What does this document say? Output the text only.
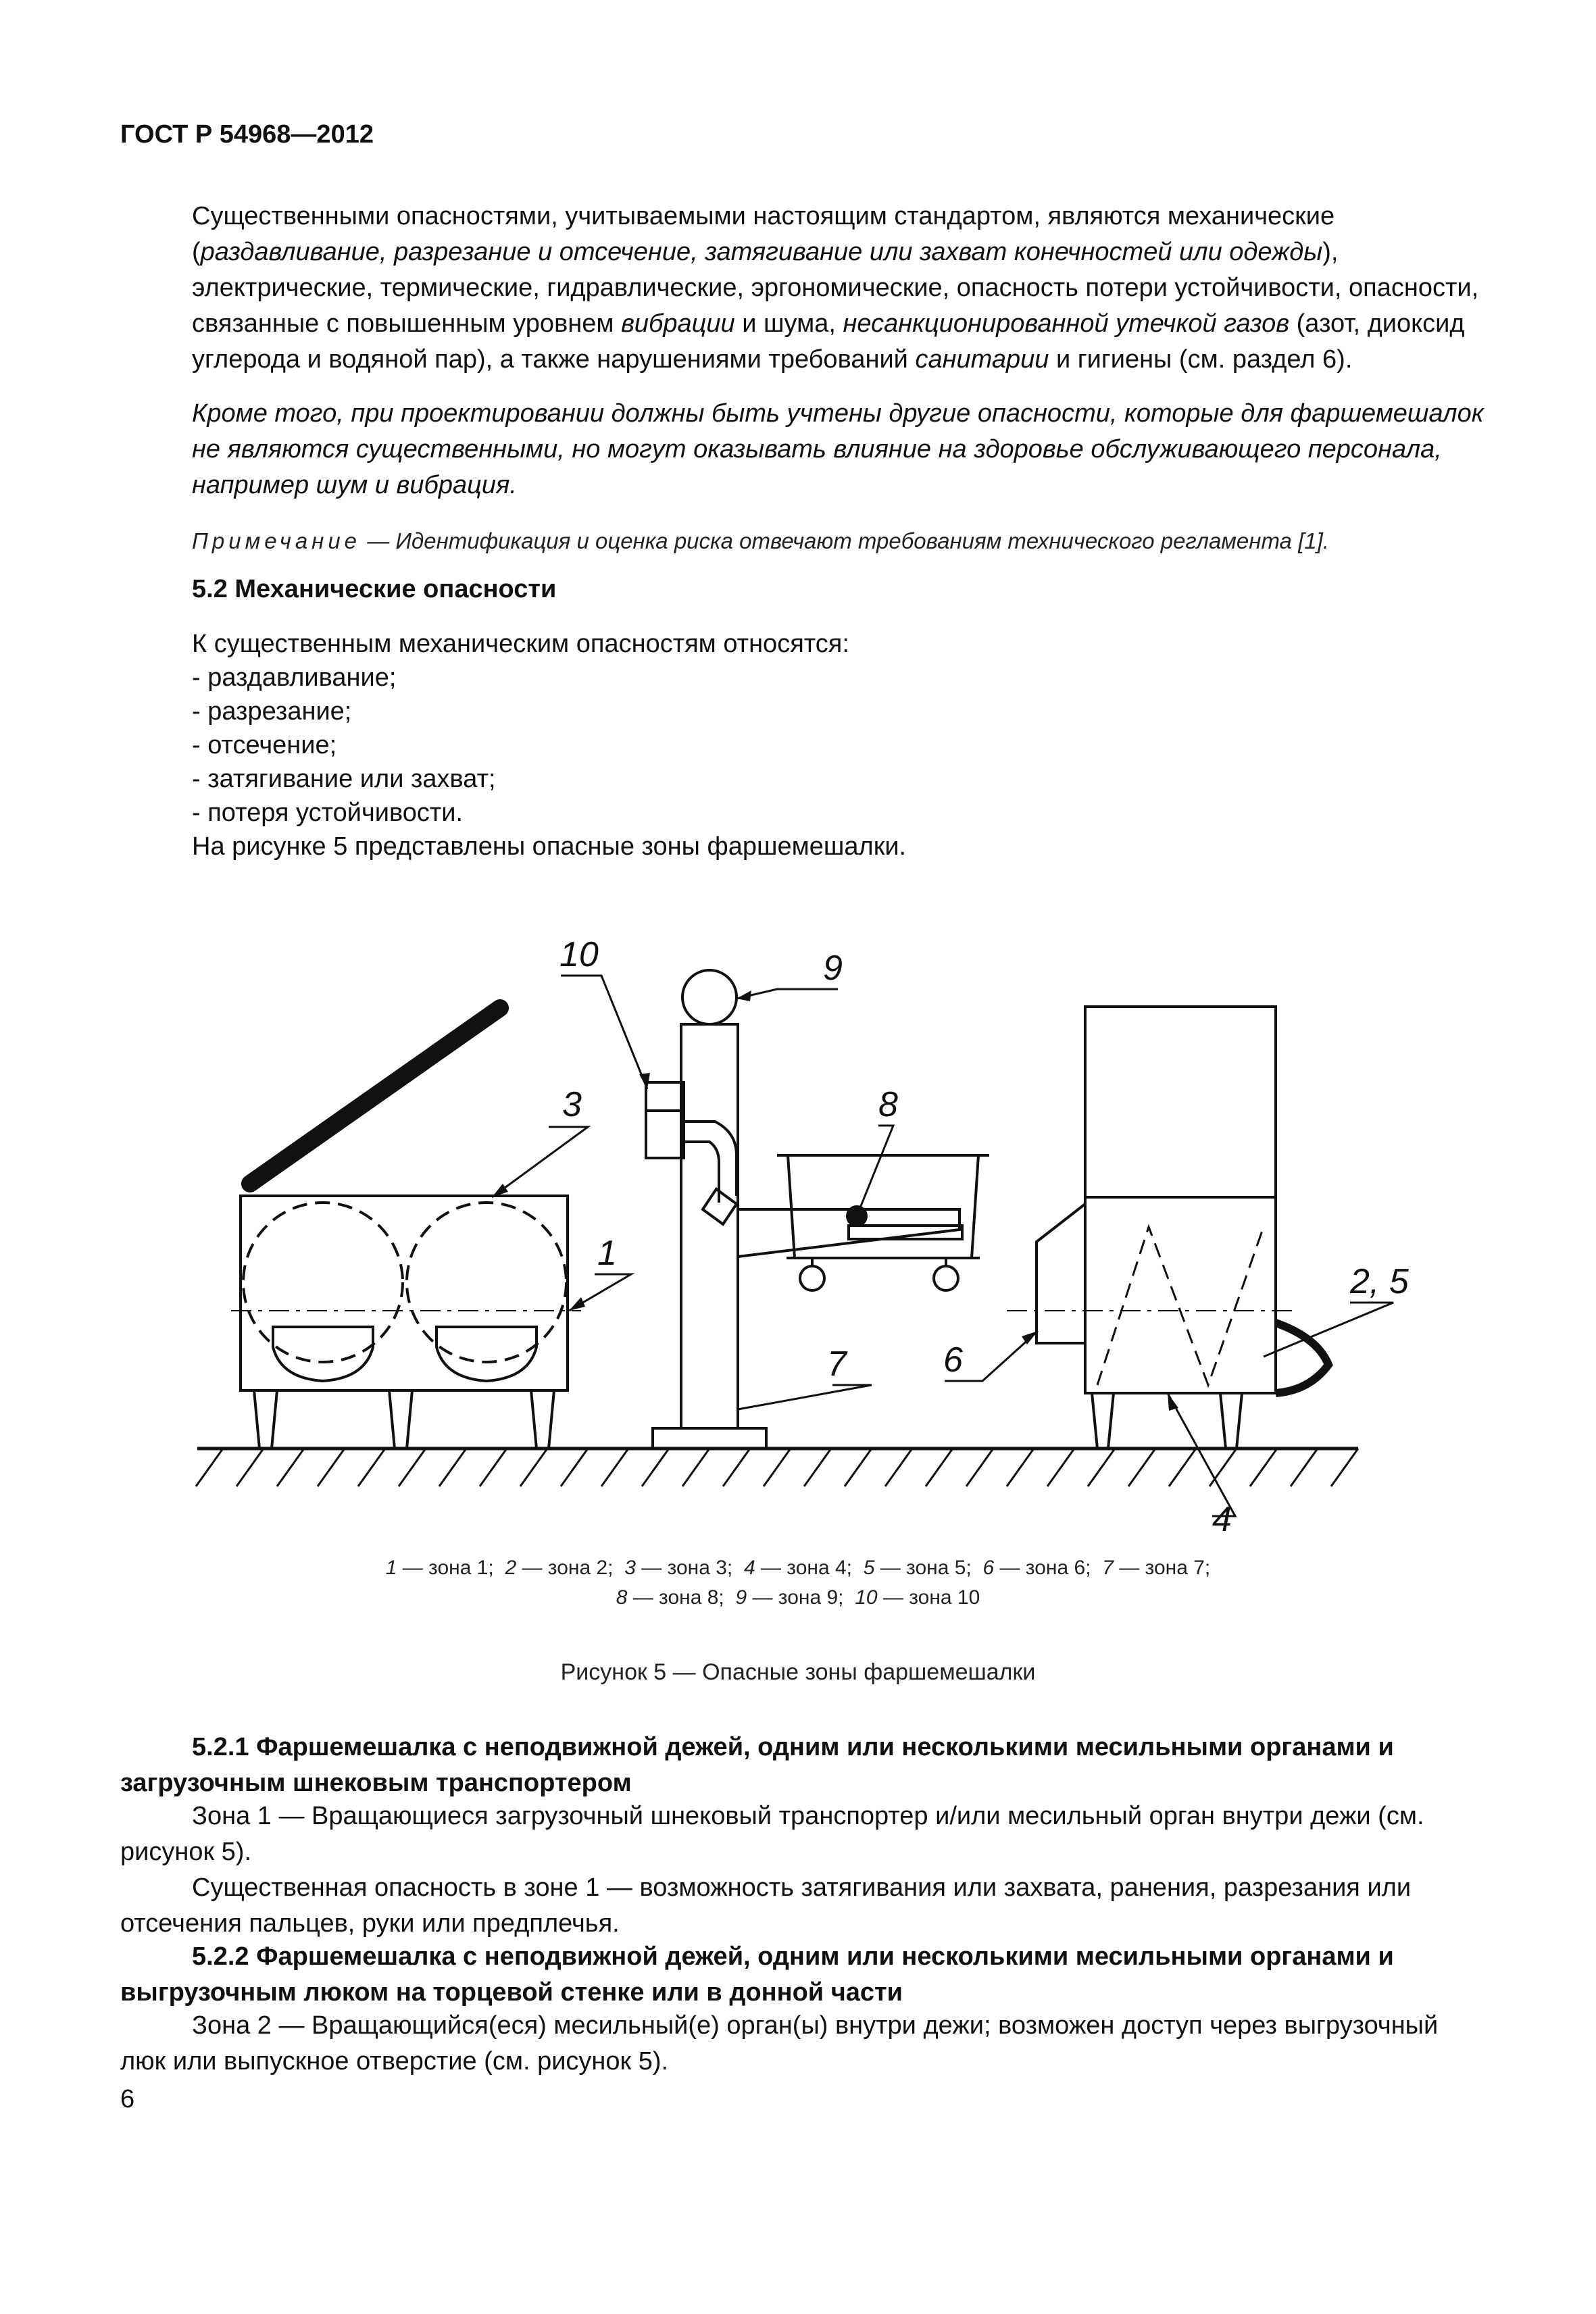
ГОСТ Р 54968—2012
Существенными опасностями, учитываемыми настоящим стандартом, являются механические (раздавливание, разрезание и отсечение, затягивание или захват конечностей или одежды), электрические, термические, гидравлические, эргономические, опасность потери устойчивости, опасности, связанные с повышенным уровнем вибрации и шума, несанкционированной утечкой газов (азот, диоксид углерода и водяной пар), а также нарушениями требований санитарии и гигиены (см. раздел 6).
Кроме того, при проектировании должны быть учтены другие опасности, которые для фаршемешалок не являются существенными, но могут оказывать влияние на здоровье обслуживающего персонала, например шум и вибрация.
Примечание — Идентификация и оценка риска отвечают требованиям технического регламента [1].
5.2 Механические опасности
К существенным механическим опасностям относятся:
- раздавливание;
- разрезание;
- отсечение;
- затягивание или захват;
- потеря устойчивости.
На рисунке 5 представлены опасные зоны фаршемешалки.
10	9
3	8
1
2, 5
7	6
4
1 — зона 1;  2 — зона 2;  3 — зона 3;  4 — зона 4;  5 — зона 5;  6 — зона 6;  7 — зона 7;
8 — зона 8;  9 — зона 9;  10 — зона 10
Рисунок 5 — Опасные зоны фаршемешалки
5.2.1 Фаршемешалка с неподвижной дежей, одним или несколькими месильными органами и загрузочным шнековым транспортером
Зона 1 — Вращающиеся загрузочный шнековый транспортер и/или месильный орган внутри дежи (см. рисунок 5).
Существенная опасность в зоне 1 — возможность затягивания или захвата, ранения, разрезания или отсечения пальцев, руки или предплечья.
5.2.2 Фаршемешалка с неподвижной дежей, одним или несколькими месильными органами и выгрузочным люком на торцевой стенке или в донной части
Зона 2 — Вращающийся(еся) месильный(е) орган(ы) внутри дежи; возможен доступ через выгрузочный люк или выпускное отверстие (см. рисунок 5).
6
